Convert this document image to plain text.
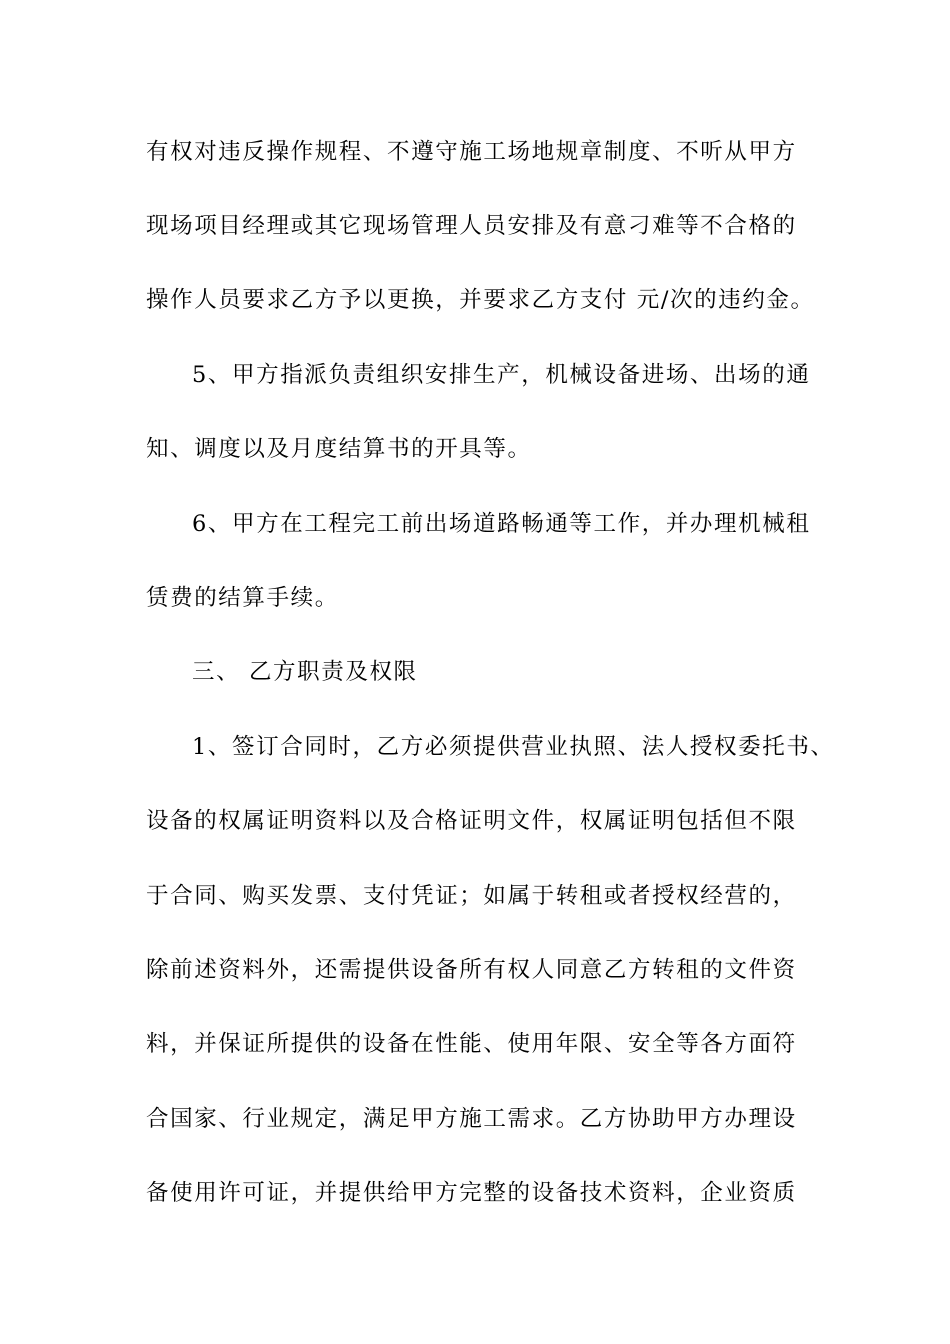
有权对违反操作规程、不遵守施工场地规章制度、不听从甲方
现场项目经理或其它现场管理人员安排及有意刁难等不合格的
操作人员要求乙方予以更换，并要求乙方支付 元/次的违约金。
5、甲方指派负责组织安排生产，机械设备进场、出场的通
知、调度以及月度结算书的开具等。
6、甲方在工程完工前出场道路畅通等工作，并办理机械租
赁费的结算手续。
三、 乙方职责及权限
1、签订合同时，乙方必须提供营业执照、法人授权委托书、
设备的权属证明资料以及合格证明文件，权属证明包括但不限
于合同、购买发票、支付凭证；如属于转租或者授权经营的，
除前述资料外，还需提供设备所有权人同意乙方转租的文件资
料，并保证所提供的设备在性能、使用年限、安全等各方面符
合国家、行业规定，满足甲方施工需求。乙方协助甲方办理设
备使用许可证，并提供给甲方完整的设备技术资料，企业资质
